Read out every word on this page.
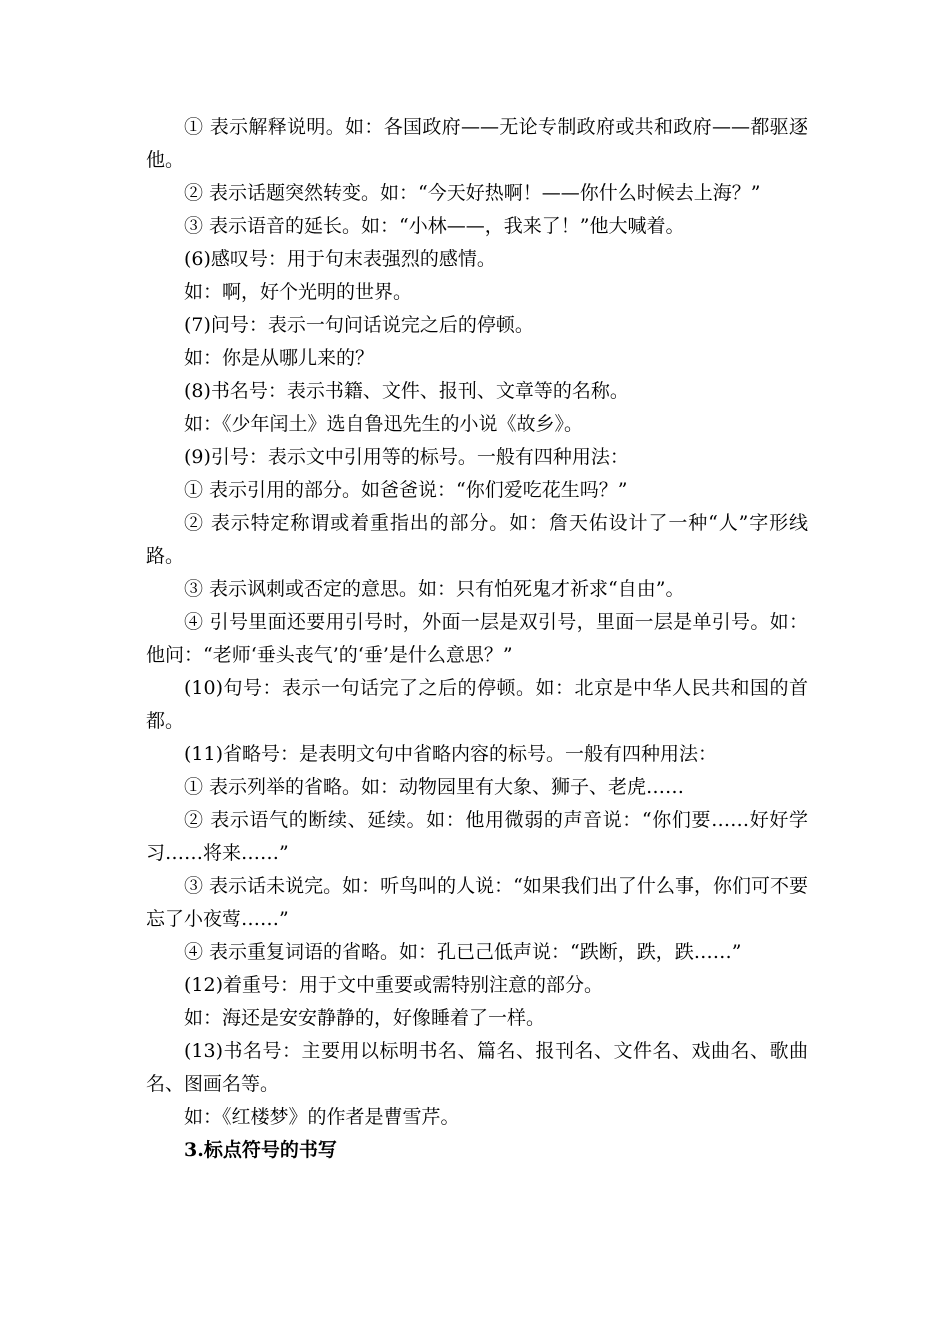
① 表示解释说明。如：各国政府——无论专制政府或共和政府——都驱逐他。

② 表示话题突然转变。如：“今天好热啊！——你什么时候去上海？”

③ 表示语音的延长。如：“小林——，我来了！”他大喊着。

(6)感叹号：用于句末表强烈的感情。

如：啊，好个光明的世界。

(7)问号：表示一句问话说完之后的停顿。

如：你是从哪儿来的？

(8)书名号：表示书籍、文件、报刊、文章等的名称。

如：《少年闰土》选自鲁迅先生的小说《故乡》。

(9)引号：表示文中引用等的标号。一般有四种用法：

① 表示引用的部分。如爸爸说：“你们爱吃花生吗？”

② 表示特定称谓或着重指出的部分。如：詹天佑设计了一种“人”字形线路。

③ 表示讽刺或否定的意思。如：只有怕死鬼才祈求“自由”。

④ 引号里面还要用引号时，外面一层是双引号，里面一层是单引号。如：他问：“老师‘垂头丧气’的‘垂’是什么意思？”

(10)句号：表示一句话完了之后的停顿。如：北京是中华人民共和国的首都。

(11)省略号：是表明文句中省略内容的标号。一般有四种用法：

① 表示列举的省略。如：动物园里有大象、狮子、老虎……

② 表示语气的断续、延续。如：他用微弱的声音说：“你们要……好好学习……将来……”

③ 表示话未说完。如：听鸟叫的人说：“如果我们出了什么事，你们可不要忘了小夜莺……”

④ 表示重复词语的省略。如：孔已己低声说：“跌断，跌，跌……”

(12)着重号：用于文中重要或需特别注意的部分。

如：海还是安安静静的，好像睡着了一样。

(13)书名号：主要用以标明书名、篇名、报刊名、文件名、戏曲名、歌曲名、图画名等。

如：《红楼梦》的作者是曹雪芹。

3.标点符号的书写
